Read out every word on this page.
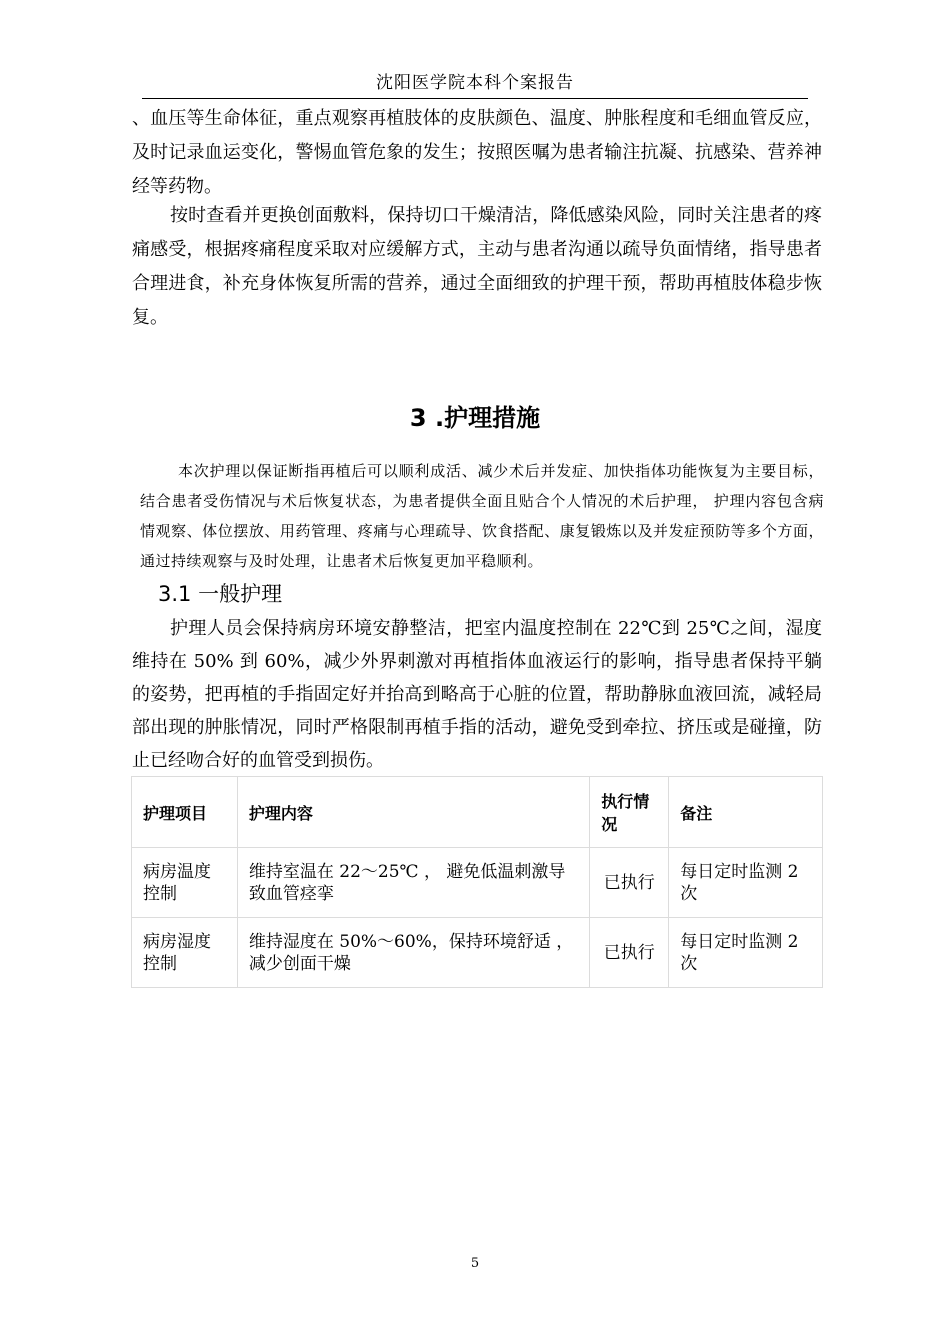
沈阳医学院本科个案报告

、血压等生命体征，重点观察再植肢体的皮肤颜色、温度、肿胀程度和毛细血管反应，及时记录血运变化，警惕血管危象的发生；按照医嘱为患者输注抗凝、抗感染、营养神经等药物。

按时查看并更换创面敷料，保持切口干燥清洁，降低感染风险，同时关注患者的疼痛感受，根据疼痛程度采取对应缓解方式，主动与患者沟通以疏导负面情绪，指导患者合理进食，补充身体恢复所需的营养，通过全面细致的护理干预，帮助再植肢体稳步恢复。

3 .护理措施

本次护理以保证断指再植后可以顺利成活、减少术后并发症、加快指体功能恢复为主要目标，结合患者受伤情况与术后恢复状态，为患者提供全面且贴合个人情况的术后护理， 护理内容包含病情观察、体位摆放、用药管理、疼痛与心理疏导、饮食搭配、康复锻炼以及并发症预防等多个方面，通过持续观察与及时处理，让患者术后恢复更加平稳顺利。

3.1 一般护理

护理人员会保持病房环境安静整洁，把室内温度控制在 22℃到 25℃之间，湿度维持在 50% 到 60%，减少外界刺激对再植指体血液运行的影响，指导患者保持平躺的姿势，把再植的手指固定好并抬高到略高于心脏的位置，帮助静脉血液回流，减轻局部出现的肿胀情况，同时严格限制再植手指的活动，避免受到牵拉、挤压或是碰撞，防止已经吻合好的血管受到损伤。

护理项目	护理内容	执行情况	备注
病房温度控制	维持室温在 22～25℃ ， 避免低温刺激导致血管痉挛	已执行	每日定时监测 2 次
病房湿度控制	维持湿度在 50%～60%，保持环境舒适 ， 减少创面干燥	已执行	每日定时监测 2 次
5
